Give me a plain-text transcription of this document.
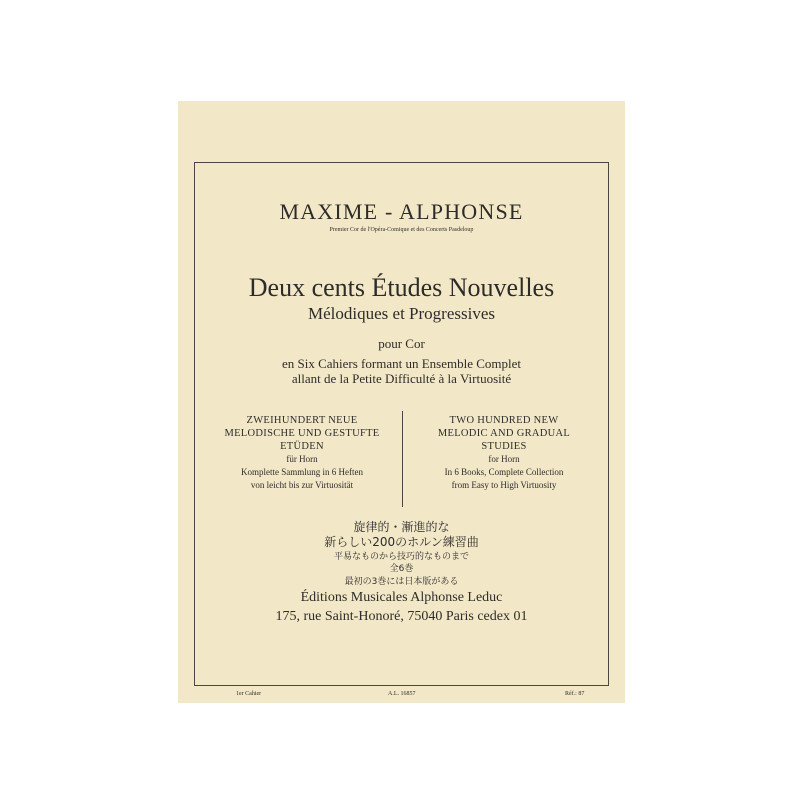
MAXIME - ALPHONSE
Premier Cor de l'Opéra-Comique et des Concerts Pasdeloup
Deux cents Études Nouvelles
Mélodiques et Progressives
pour Cor
en Six Cahiers formant un Ensemble Complet
allant de la Petite Difficulté à la Virtuosité
ZWEIHUNDERT NEUE
MELODISCHE UND GESTUFTE
ETÜDEN
für Horn
Komplette Sammlung in 6 Heften
von leicht bis zur Virtuosität
TWO HUNDRED NEW
MELODIC AND GRADUAL
STUDIES
for Horn
In 6 Books, Complete Collection
from Easy to High Virtuosity
旋律的・漸進的な
新らしい200のホルン練習曲
平易なものから技巧的なものまで
全6巻
最初の3巻には日本版がある
Éditions Musicales Alphonse Leduc
175, rue Saint-Honoré, 75040 Paris cedex 01
1er Cahier	A.L. 16857	Réf.: 87
